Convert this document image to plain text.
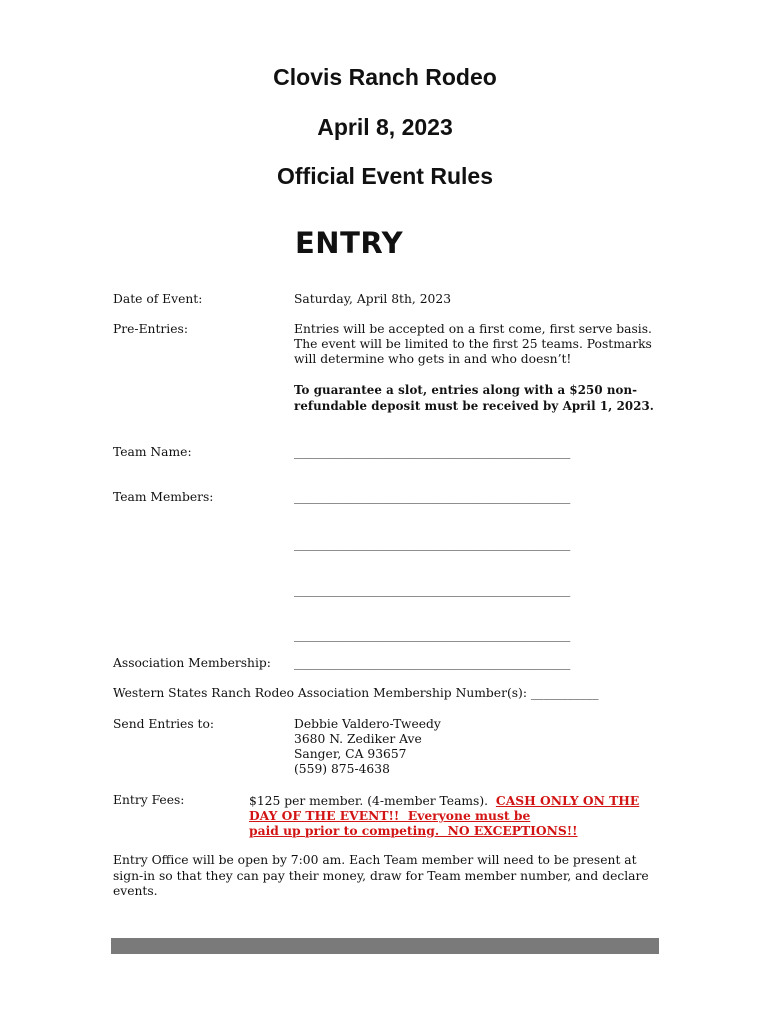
Clovis Ranch Rodeo
April 8, 2023
Official Event Rules
ENTRY
Date of Event:	Saturday, April 8th, 2023
Pre-Entries:	Entries will be accepted on a first come, first serve basis.
The event will be limited to the first 25 teams. Postmarks
will determine who gets in and who doesn’t!
To guarantee a slot, entries along with a $250 non-
refundable deposit must be received by April 1, 2023.
Team Name:	________________________________________________
Team Members:	________________________________________________
________________________________________________
________________________________________________
________________________________________________
Association Membership: ________________________________________________
Western States Ranch Rodeo Association Membership Number(s): ___________
Send Entries to:	Debbie Valdero-Tweedy
3680 N. Zediker Ave
Sanger, CA 93657
(559) 875-4638
Entry Fees:	$125 per member. (4-member Teams).  CASH ONLY ON THE
DAY OF THE EVENT!!  Everyone must be
paid up prior to competing.  NO EXCEPTIONS!!
Entry Office will be open by 7:00 am. Each Team member will need to be present at
sign-in so that they can pay their money, draw for Team member number, and declare
events.
